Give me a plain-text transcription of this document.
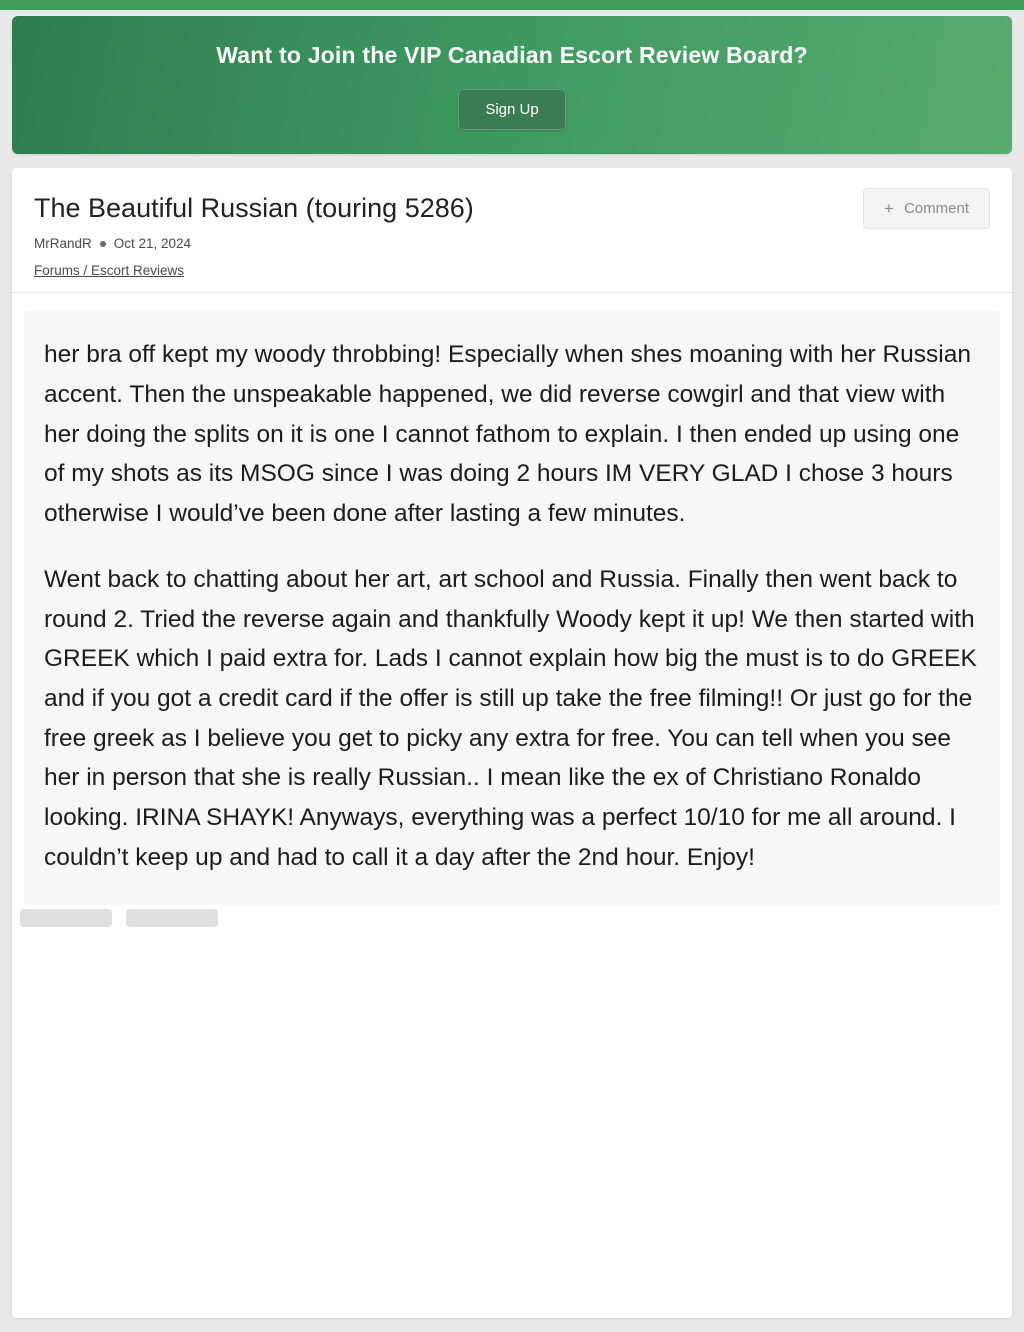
Want to Join the VIP Canadian Escort Review Board?
Sign Up
The Beautiful Russian (touring 5286)
MrRandR Oct 21, 2024
Forums / Escort Reviews
+ Comment

her bra off kept my woody throbbing! Especially when shes moaning with her Russian accent. Then the unspeakable happened, we did reverse cowgirl and that view with her doing the splits on it is one I cannot fathom to explain. I then ended up using one of my shots as its MSOG since I was doing 2 hours IM VERY GLAD I chose 3 hours otherwise I would’ve been done after lasting a few minutes.

Went back to chatting about her art, art school and Russia. Finally then went back to round 2. Tried the reverse again and thankfully Woody kept it up! We then started with GREEK which I paid extra for. Lads I cannot explain how big the must is to do GREEK and if you got a credit card if the offer is still up take the free filming!! Or just go for the free greek as I believe you get to picky any extra for free. You can tell when you see her in person that she is really Russian.. I mean like the ex of Christiano Ronaldo looking. IRINA SHAYK! Anyways, everything was a perfect 10/10 for me all around. I couldn’t keep up and had to call it a day after the 2nd hour. Enjoy!
